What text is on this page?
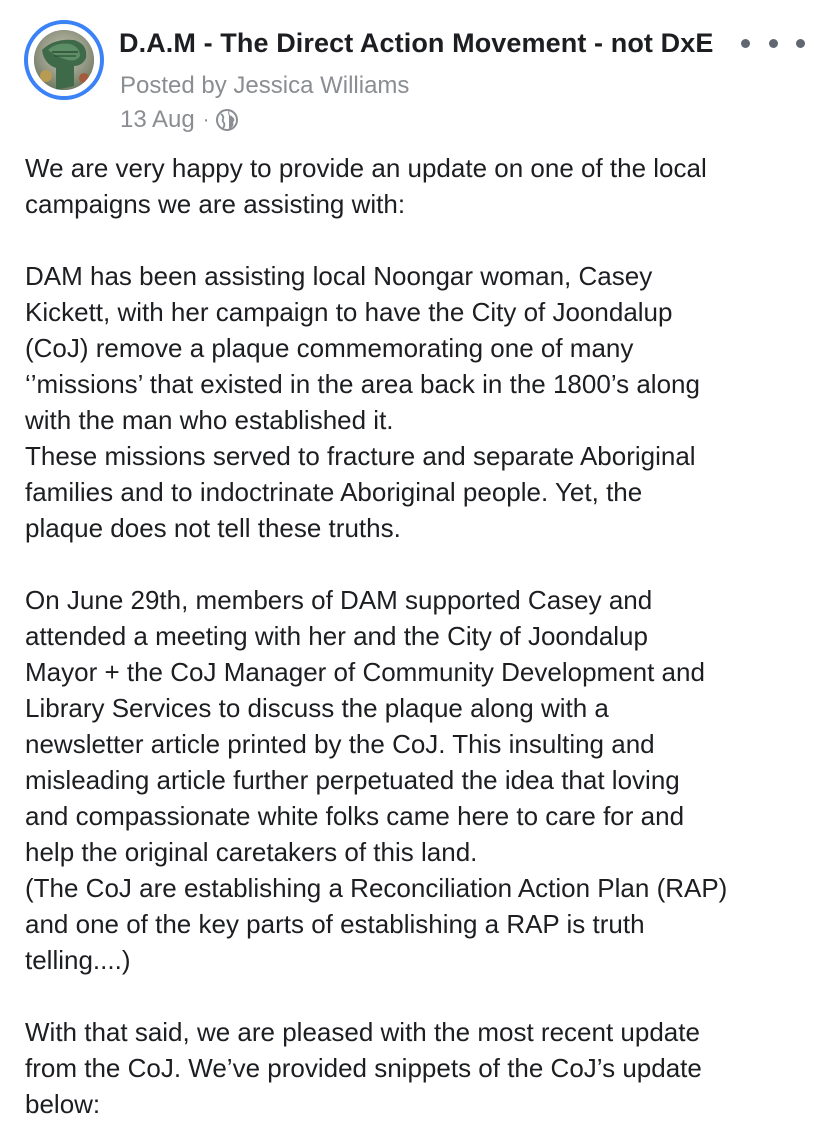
D.A.M - The Direct Action Movement - not DxE
Posted by Jessica Williams
13 Aug ·

We are very happy to provide an update on one of the local
campaigns we are assisting with:

DAM has been assisting local Noongar woman, Casey
Kickett, with her campaign to have the City of Joondalup
(CoJ) remove a plaque commemorating one of many
‘’missions’ that existed in the area back in the 1800’s along
with the man who established it.
These missions served to fracture and separate Aboriginal
families and to indoctrinate Aboriginal people. Yet, the
plaque does not tell these truths.

On June 29th, members of DAM supported Casey and
attended a meeting with her and the City of Joondalup
Mayor + the CoJ Manager of Community Development and
Library Services to discuss the plaque along with a
newsletter article printed by the CoJ. This insulting and
misleading article further perpetuated the idea that loving
and compassionate white folks came here to care for and
help the original caretakers of this land.
(The CoJ are establishing a Reconciliation Action Plan (RAP)
and one of the key parts of establishing a RAP is truth
telling....)

With that said, we are pleased with the most recent update
from the CoJ. We’ve provided snippets of the CoJ’s update
below:
